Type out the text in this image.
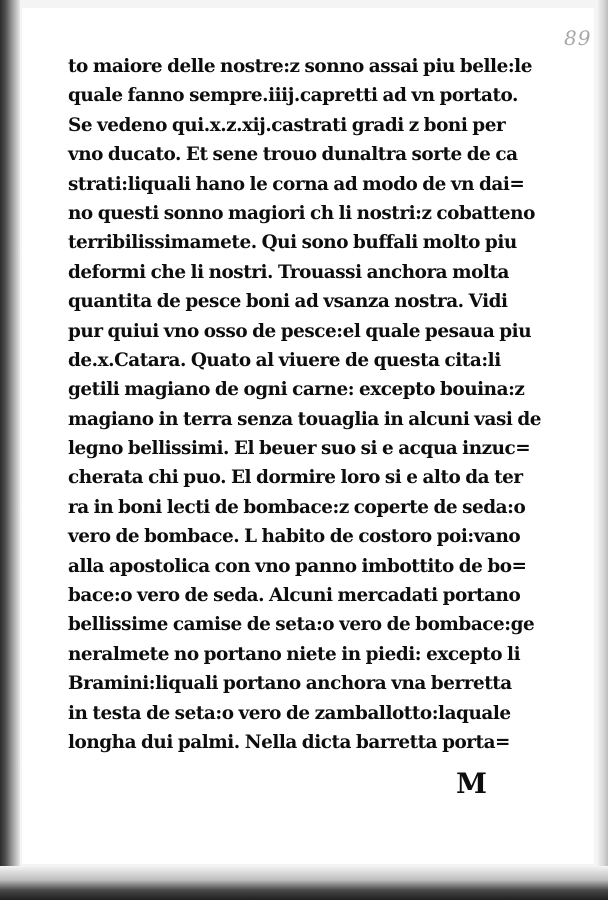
89
to maiore delle nostre:z sonno assai piu belle:le
quale fanno sempre.iiij.capretti ad vn portato.
Se vedeno qui.x.z.xij.castrati gradi z boni per
vno ducato. Et sene trouo dunaltra sorte de ca
strati:liquali hano le corna ad modo de vn dai=
no questi sonno magiori ch li nostri:z cobatteno
terribilissimamete. Qui sono buffali molto piu
deformi che li nostri. Trouassi anchora molta
quantita de pesce boni ad vsanza nostra. Vidi
pur quiui vno osso de pesce:el quale pesaua piu
de.x.Catara. Quato al viuere de questa cita:li
getili magiano de ogni carne: excepto bouina:z
magiano in terra senza touaglia in alcuni vasi de
legno bellissimi. El beuer suo si e acqua inzuc=
cherata chi puo. El dormire loro si e alto da ter
ra in boni lecti de bombace:z coperte de seda:o
vero de bombace. L habito de costoro poi:vano
alla apostolica con vno panno imbottito de bo=
bace:o vero de seda. Alcuni mercadati portano
bellissime camise de seta:o vero de bombace:ge
neralmete no portano niete in piedi: excepto li
Bramini:liquali portano anchora vna berretta
in testa de seta:o vero de zamballotto:laquale
longha dui palmi. Nella dicta barretta porta=
M
